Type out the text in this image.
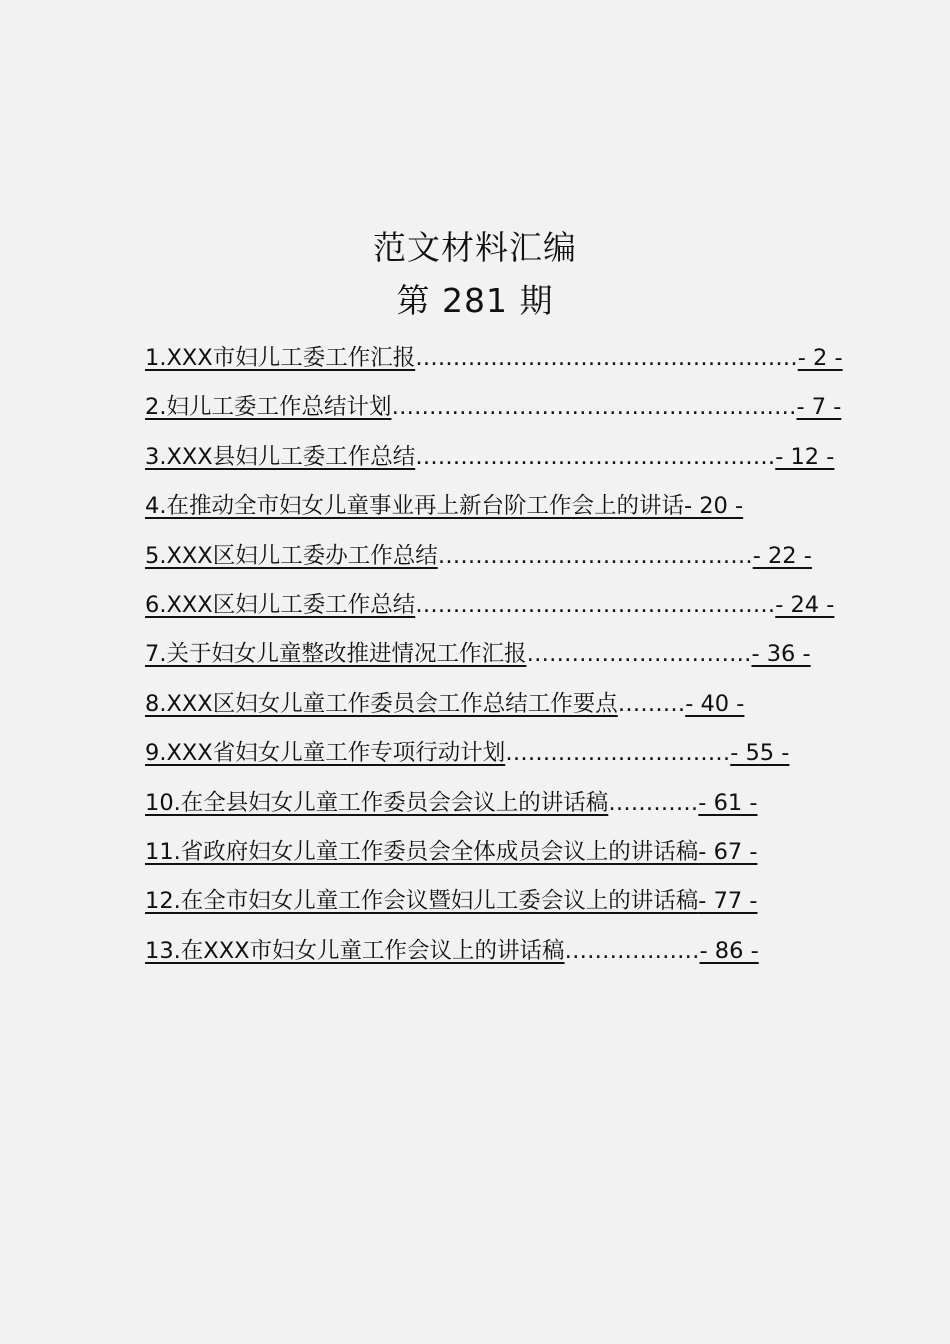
范文材料汇编
第 281 期
1.XXX市妇儿工委工作汇报……………………………………………- 2 -
2.妇儿工委工作总结计划………………………………………………- 7 -
3.XXX县妇儿工委工作总结…………………………………………- 12 -
4.在推动全市妇女儿童事业再上新台阶工作会上的讲话- 20 -
5.XXX区妇儿工委办工作总结……………………………………- 22 -
6.XXX区妇儿工委工作总结…………………………………………- 24 -
7.关于妇女儿童整改推进情况工作汇报…………………………- 36 -
8.XXX区妇女儿童工作委员会工作总结工作要点………- 40 -
9.XXX省妇女儿童工作专项行动计划…………………………- 55 -
10.在全县妇女儿童工作委员会会议上的讲话稿…………- 61 -
11.省政府妇女儿童工作委员会全体成员会议上的讲话稿- 67 -
12.在全市妇女儿童工作会议暨妇儿工委会议上的讲话稿- 77 -
13.在XXX市妇女儿童工作会议上的讲话稿………………- 86 -
